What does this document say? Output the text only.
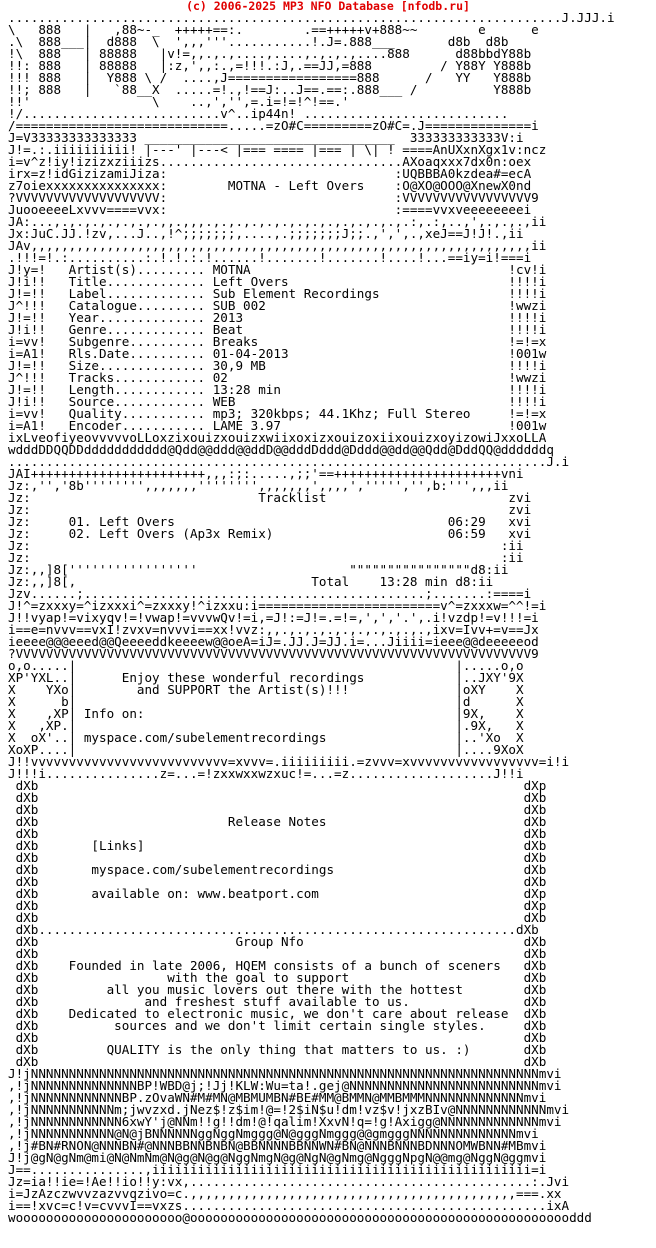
(c) 2006-2025 MP3 NFO Database [nfodb.ru]
.........................................................................J.JJJ.i
\   888   |   ,88~-_  +++++==:.        .==+++++v+888~~        e      e
.\  888___|  d888  \  ',,,'''...........!.J=.888___       d8b  d8b
!\  888   | 88888   |v!=,,.,.,....,....,.,.,.,....888      d88bbdY88b
!!: 888   | 88888   |:z,',,:.,=!!!.:J,.==JJ,=888         / Y88Y Y888b
!!! 888   |  Y888 \ /  ....,J=================888      /   YY   Y888b
!!; 888   |   `88__X  .....=!.,!==J:..J==.==:.888___ /          Y888b
!!'                \    ..,','',=.i=!=!^!==.'
!/..........................v^..ip44n! ...........................
/============================.....=zO#C=========zO#C=.J==============i
J=V33333333333333 _________________________________  333333333333V:i
J!=.:.iiiiiiiiii! |---' |---< |=== ==== |=== | \| ! ====AnUXxnXgx1v:ncz
i=v^z!iy!izizxziiizs................................AXoaqxxx7dx0n:oex
irx=z!idGizizamiJiza:                              :UQBBBA0kzdea#=ecA
z7oiexxxxxxxxxxxxxxx:        MOTNA - Left Overs    :O@XO@OOO@XnewX0nd
?VVVVVVVVVVVVVVVVVVV:                              :VVVVVVVVVVVVVVVVV9
JuooeeeeLxvvv====vvx:                              :====vvxveeeeeeeei
JA:...,.,.,.,.,.,.,.,,.,,,.,.,.,.,.,.,.,.,.,.,.,.,.,.:,.:,..,',.,.,.,ii
Jx:JuC.JJ.!zv,...J..,!^;;;;;;;,....,.;;;;;;;J;;.,',',.,xeJ==J!J!.,ii
JAv,,,,,,,,,,,,,,,,,,,,,,,,,,,,,,,,,,,,,,,,,,,,,,,,,,,,,,,,,,,,,,,,,,ii
.!!!=!.:..........:.!.!.:.!......!.......!.......!....!...==iy=i!===i
J!y=!   Artist(s)......... MOTNA                                  !cv!i
J!i!!   Title............. Left Overs                             !!!!i
J!=!!   Label............. Sub Element Recordings                 !!!!i
J^!!!   Catalogue......... SUB 002                                !wwzi
J!=!!   Year.............. 2013                                   !!!!i
J!i!!   Genre............. Beat                                   !!!!i
i=vv!   Subgenre.......... Breaks                                 !=!=x
i=A1!   Rls.Date.......... 01-04-2013                             !001w
J!=!!   Size.............. 30,9 MB                                !!!!i
J^!!!   Tracks............ 02                                     !wwzi
J!=!!   Length............ 13:28 min                              !!!!i
J!i!!   Source............ WEB                                    !!!!i
i=vv!   Quality........... mp3; 320kbps; 44.1Khz; Full Stereo     !=!=x
i=A1!   Encoder........... LAME 3.97                              !001w
ixLveofiyeovvvvvoLLoxzixouizxouizxwiixoxizxouizoxiixouizxoyizowiJxxoLLA
wdddDDQQDDddddddddddd@Qdd@@ddd@@ddD@@dddDddd@Dddd@@dd@@Qdd@DddQQ@ddddddq
.......................................................................J.i
JAI+++++++++++++++++++++++,,,:;:.....,;;'==++++++++++++++++++++++vni
Jz:,'','8b'''''''',,,,,,,'''''''',,,,,,,',,,,',''''','',b:''',,,ii
Jz:                              Tracklist                        zvi
Jz:                                                               zvi
Jz:     01. Left Overs                                    06:29   xvi
Jz:     02. Left Overs (Ap3x Remix)                       06:59   xvi
Jz:                                                              :ii
Jz:                                                              :ii
Jz:,,]8['''''''''''''''''                    """"""""""""""""d8:ii
Jz:,,]8[,                               Total    13:28 min d8:ii
Jzv......;.............................................;.......:====i
J!^=zxxxy=^izxxxi^=zxxxy!^izxxu:i========================v^=zxxxw=^^!=i
J!!vyap!=vixyqv!=!vwap!=vvvwQv!=i,=J!:=J!=.=!=,',','.',.i!vzdp!=v!!!=i
i==e=nvvv==vxI!zvxv=nvvvi==xx!vvz:,,.,.,.,.,.,.,.,.,.,.,ixv=Ivv+=v==Jx
ieeee@@@eeed@@Qeeeeddkeeeew@@oeA=iJ=.JJ.J=JJ.i=...Jiiii=ieee@@deeeeeod
?VVVVVVVVVVVVVVVVVVVVVVVVVVVVVVVVVVVVVVVVVVVVVVVVVVVVVVVVVVVVVVVVVVVV9
o,o.....|                                                  |.....o,o
XP'YXL..|      Enjoy these wonderful recordings            |..JXY'9X
X    YXo|        and SUPPORT the Artist(s)!!!              |oXY    X
X      b|                                                  |d      X
X    ,XP| Info on:                                         |9X,    X
X   ,XP.|                                                  |.9X,   X
X  oX'..| myspace.com/subelementrecordings                 |..'Xo  X
XoXP....|                                                  |....9XoX
J!!vvvvvvvvvvvvvvvvvvvvvvvvvv=xvvv=.iiiiiiiii.=zvvv=xvvvvvvvvvvvvvvvvv=i!i
J!!!i...............z=...=!zxxwxxwzxuc!=...=z...................J!!i
dXb                                                                dXp
dXb                                                                dXb
dXb                                                                dXb
dXb                         Release Notes                          dXb
dXb                                                                dXb
dXb       [Links]                                                  dXb
dXb                                                                dXb
dXb       myspace.com/subelementrecordings                         dXb
dXb                                                                dXb
dXb       available on: www.beatport.com                           dXp
dXb                                                                dXp
dXb                                                                dXb
dXb...............................................................dXb
dXb                          Group Nfo                             dXb
dXb                                                                dXb
dXb    Founded in late 2006, HQEM consists of a bunch of sceners   dXb
dXb                 with the goal to support                       dXb
dXb         all you music lovers out there with the hottest        dXb
dXb              and freshest stuff available to us.               dXb
dXb    Dedicated to electronic music, we don't care about release  dXb
dXb          sources and we don't limit certain single styles.     dXb
dXb                                                                dXb
dXb         QUALITY is the only thing that matters to us. :)       dXb
dXb                                                                dXb
J!jNNNNNNNNNNNNNNNNNNNNNNNNNNNNNNNNNNNNNNNNNNNNNNNNNNNNNNNNNNNNNNNNNNNmvi
,!jNNNNNNNNNNNNNNBP!WBD@j;!Jj!KLW:Wu=ta!.gej@NNNNNNNNNNNNNNNNNNNNNNNNNmvi
,!jNNNNNNNNNNNNBP.zOvaWN#M#MN@MBMUMBN#BE#MM@BMMN@MMBMMMNNNNNNNNNNNNNmvi
,!jNNNNNNNNNNNm;jwvzxd.jNez$!z$im!@=!2$iN$u!dm!vz$v!jxzBIv@NNNNNNNNNNNNmvi
,!jNNNNNNNNNNNN6xwY'j@NNm!!g!!dm!@!qalim!XxvN!q=!g!Axigg@NNNNNNNNNNNNNmvi
,!jNNNNNNNNNNN@N@jBNNNNNNggNggNmggg@N@gggNmggg@@gmgggNNNNNNNNNNNNNNmvi
,!j#BN#RNON@NNNBN#@NNNBBNNBNBN@BBNNNNBBNNWN#BN@NNNBNNNBDNNNOMWBNN#MBmvi
J!j@gN@gNm@mi@N@NmNm@N@g@N@g@NggNmgN@g@NgN@gNmg@NgggNpgN@@mg@NggN@ggmvi
J==...............,iiiiiiiiiiiiiiiiiiiiiiiiiiiiiiiiiiiiiiiiiiiiiiiiii=i
Jz=ia!!ie=!Ae!!io!!y:vx,.............................................:.Jvi
i=JzAzczwvvzazvvqzivo=c.,,,,,,,,,,,,,,,,,,,,,,,,,,,,,,,,,,,,,,,,,,,===.xx
i==!xvc=c!v=cvvvI==vxzs................................................ixA
woooooooooooooooooooooo@ooooooooooooooooooooooooooooooooooooooooooooooooooddd
